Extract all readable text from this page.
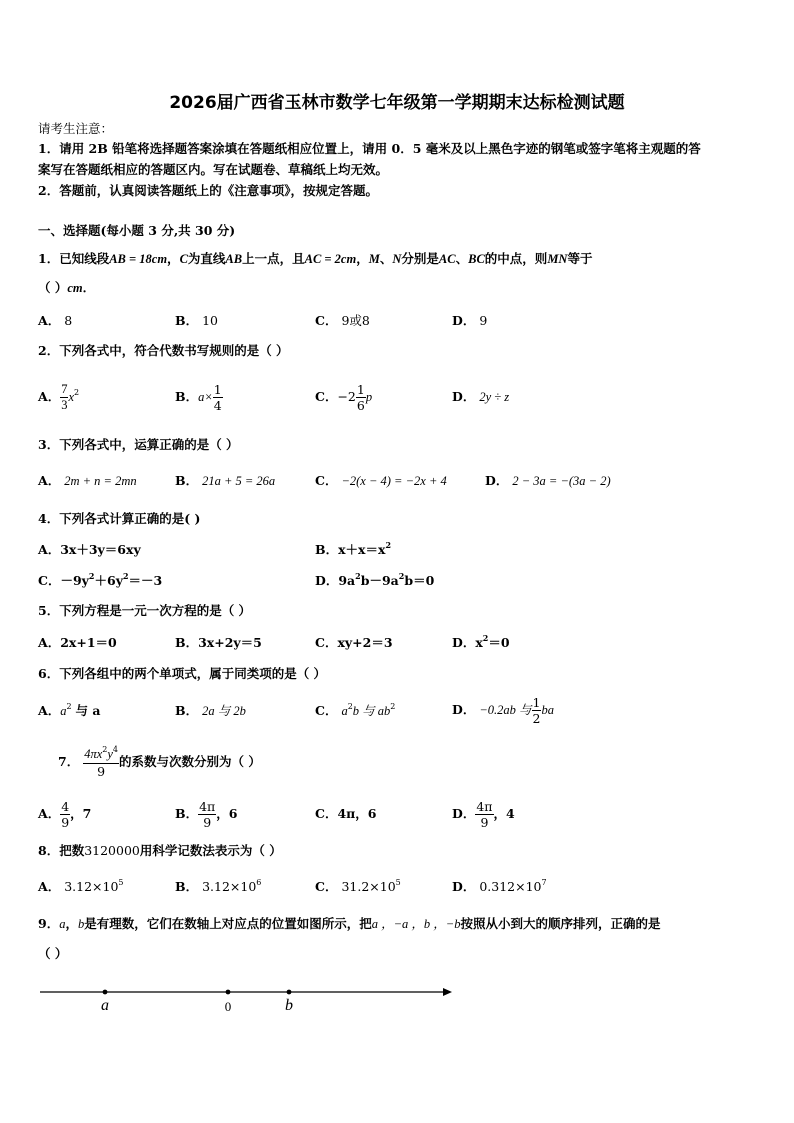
2026届广西省玉林市数学七年级第一学期期末达标检测试题
请考生注意：
1．请用 2B 铅笔将选择题答案涂填在答题纸相应位置上，请用 0．5 毫米及以上黑色字迹的钢笔或签字笔将主观题的答
案写在答题纸相应的答题区内。写在试题卷、草稿纸上均无效。
2．答题前，认真阅读答题纸上的《注意事项》，按规定答题。
一、选择题(每小题 3 分,共 30 分)
1．已知线段AB = 18cm，C为直线AB上一点，且AC = 2cm，M、N分别是AC、BC的中点，则MN等于
（ ）cm．
A． 8	B． 10	C． 9或8	D． 9
2．下列各式中，符合代数书写规则的是（ ）
A． $\frac{7}{3} x^2$	B．$a\times \frac{1}{4}$	C．$-2 \frac{1}{6}$ p	D． 2y ÷ z
3．下列各式中，运算正确的是（ ）
A． 2m + n = 2mn	B． 21a + 5 = 26a	C． −2(x − 4) = −2x + 4	D． 2 − 3a = −(3a − 2)
4．下列各式计算正确的是( )
A．3x＋3y＝6xy	B．$x+x=x^2$
C．$-9y^2+6y^2=-3$	D．$9a^2b-9a^2b=0$
5．下列方程是一元一次方程的是（ ）
A．2x+1＝0	B．3x+2y＝5	C．xy+2＝3	D．$x^2=0$
6．下列各组中的两个单项式，属于同类项的是（ ）
A．$a^2$ 与 a	B． 2a 与 2b	C． $a^2b$ 与 $ab^2$	D． −0.2ab 与 $\frac{1}{2}$ ba
7． $\frac{4\pi x^2y^4}{9}$ 的系数与次数分别为（ ）
A． $\frac{4}{9}$ ，7	B． $\frac{4\pi}{9}$ ，6	C．4π，6	D． $\frac{4\pi}{9}$ ，4
8．把数3120000用科学记数法表示为（ ）
A． $3.12\times 10^5$	B． $3.12\times 10^6$	C． $31.2\times 10^5$	D． $0.312\times 10^7$
9．a，b是有理数，它们在数轴上对应点的位置如图所示，把a ，−a ，b ，−b按照从小到大的顺序排列，正确的是
（ ）
a	0	b
